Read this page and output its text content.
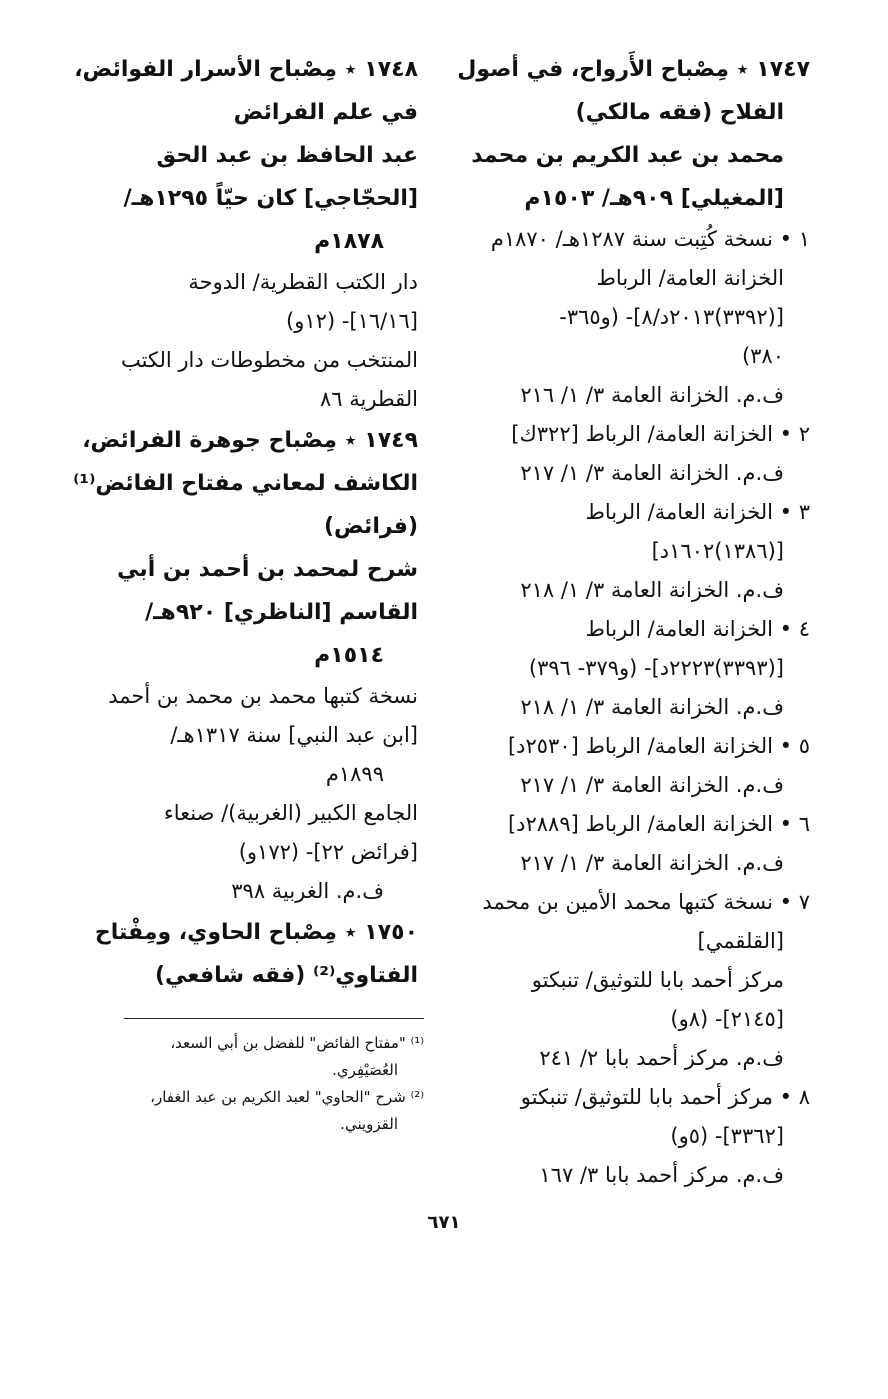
١٧٤٧ ٭ مِصْباح الأَرواح، في أصول
الفلاح (فقه مالكي)
محمد بن عبد الكريم بن محمد
[المغيلي] ٩٠٩هـ/ ١٥٠٣م
١ • نسخة كُتِبت سنة ١٢٨٧هـ/ ١٨٧٠م
الخزانة العامة/ الرباط
[(٣٣٩٢)٢٠١٣د/٨]- (و٣٦٥-
٣٨٠)
ف.م. الخزانة العامة ٣/ ١/ ٢١٦
٢ • الخزانة العامة/ الرباط [٣٢٢ك]
ف.م. الخزانة العامة ٣/ ١/ ٢١٧
٣ • الخزانة العامة/ الرباط
[(١٣٨٦)١٦٠٢د]
ف.م. الخزانة العامة ٣/ ١/ ٢١٨
٤ • الخزانة العامة/ الرباط
[(٣٣٩٣)٢٢٢٣د]- (و٣٧٩- ٣٩٦)
ف.م. الخزانة العامة ٣/ ١/ ٢١٨
٥ • الخزانة العامة/ الرباط [٢٥٣٠د]
ف.م. الخزانة العامة ٣/ ١/ ٢١٧
٦ • الخزانة العامة/ الرباط [٢٨٨٩د]
ف.م. الخزانة العامة ٣/ ١/ ٢١٧
٧ • نسخة كتبها محمد الأمين بن محمد
[القلقمي]
مركز أحمد بابا للتوثيق/ تنبكتو
[٢١٤٥]- (٨و)
ف.م. مركز أحمد بابا ٢/ ٢٤١
٨ • مركز أحمد بابا للتوثيق/ تنبكتو
[٣٣٦٢]- (٥و)
ف.م. مركز أحمد بابا ٣/ ١٦٧
١٧٤٨ ٭ مِصْباح الأسرار الفوائض،
في علم الفرائض
عبد الحافظ بن عبد الحق
[الحجّاجي] كان حيّاً ١٢٩٥هـ/
١٨٧٨م
دار الكتب القطرية/ الدوحة
[١٦/١٦]- (١٢و)
المنتخب من مخطوطات دار الكتب
القطرية ٨٦
١٧٤٩ ٭ مِصْباح جوهرة الفرائض،
الكاشف لمعاني مفتاح الفائض⁽¹⁾
(فرائض)
شرح لمحمد بن أحمد بن أبي
القاسم [الناظري] ٩٢٠هـ/
١٥١٤م
نسخة كتبها محمد بن محمد بن أحمد
[ابن عبد النبي] سنة ١٣١٧هـ/
١٨٩٩م
الجامع الكبير (الغربية)/ صنعاء
[فرائض ٢٢]- (١٧٢و)
ف.م. الغربية ٣٩٨
١٧٥٠ ٭ مِصْباح الحاوي، ومِفْتاح
الفتاوي⁽²⁾ (فقه شافعي)
⁽¹⁾ "مفتاح الفائض" للفضل بن أبي السعد،
العُصَيْفِري.
⁽²⁾ شرح "الحاوي" لعبد الكريم بن عبد الغفار،
القزويني.
٦٧١
